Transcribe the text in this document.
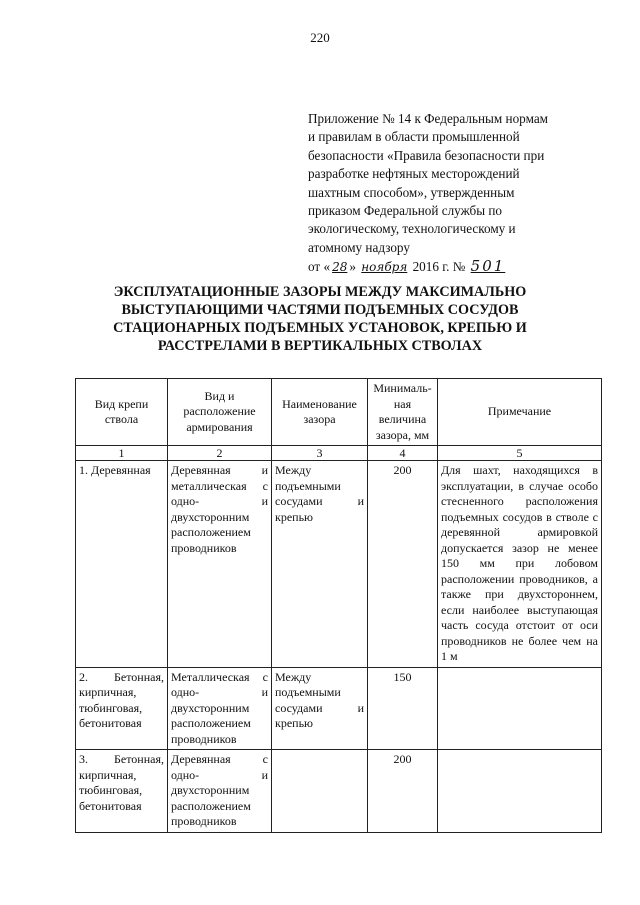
220
Приложение № 14 к Федеральным нормам
и правилам в области промышленной
безопасности «Правила безопасности при
разработке нефтяных месторождений
шахтным способом», утвержденным
приказом Федеральной службы по
экологическому, технологическому и
атомному надзору
от « 28 » ноября 2016 г. № 501
ЭКСПЛУАТАЦИОННЫЕ ЗАЗОРЫ МЕЖДУ МАКСИМАЛЬНО ВЫСТУПАЮЩИМИ ЧАСТЯМИ ПОДЪЕМНЫХ СОСУДОВ СТАЦИОНАРНЫХ ПОДЪЕМНЫХ УСТАНОВОК, КРЕПЬЮ И РАССТРЕЛАМИ В ВЕРТИКАЛЬНЫХ СТВОЛАХ
Вид крепи ствола	Вид и расположение армирования	Наименование зазора	Минималь-ная величина зазора, мм	Примечание
1	2	3	4	5
1. Деревянная	Деревянная и металлическая с одно- и двухсторонним расположением проводников	Между подъемными сосудами и крепью	200	Для шахт, находящихся в эксплуатации, в случае особо стесненного расположения подъемных сосудов в стволе с деревянной армировкой допускается зазор не менее 150 мм при лобовом расположении проводников, а также при двухстороннем, если наиболее выступающая часть сосуда отстоит от оси проводников не более чем на 1 м
2. Бетонная, кирпичная, тюбинговая, бетонитовая	Металлическая с одно- и двухсторонним расположением проводников	Между подъемными сосудами и крепью	150	
3. Бетонная, кирпичная, тюбинговая, бетонитовая	Деревянная с одно- и двухсторонним расположением проводников		200	
